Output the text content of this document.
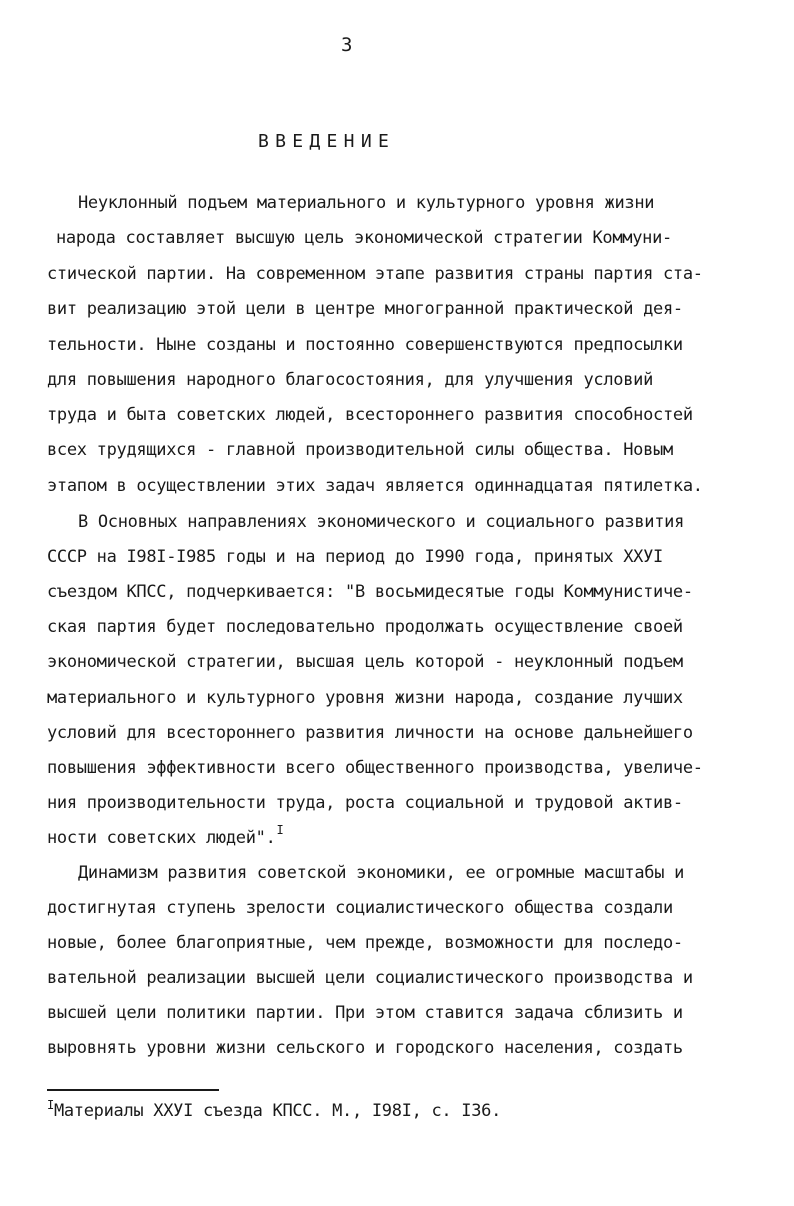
3
ВВЕДЕНИЕ
Неуклонный подъем материального и культурного уровня жизни
народа составляет высшую цель экономической стратегии Коммуни-
стической партии. На современном этапе развития страны партия ста-
вит реализацию этой цели в центре многогранной практической дея-
тельности. Ныне созданы и постоянно совершенствуются предпосылки
для повышения народного благосостояния, для улучшения условий
труда и быта советских людей, всестороннего развития способностей
всех трудящихся - главной производительной силы общества. Новым
этапом в осуществлении этих задач является одиннадцатая пятилетка.
В Основных направлениях экономического и социального развития
СССР на I98I-I985 годы и на период до I990 года, принятых XXУI
съездом КПСС, подчеркивается: "В восьмидесятые годы Коммунистиче-
ская партия будет последовательно продолжать осуществление своей
экономической стратегии, высшая цель которой - неуклонный подъем
материального и культурного уровня жизни народа, создание лучших
условий для всестороннего развития личности на основе дальнейшего
повышения эффективности всего общественного производства, увеличе-
ния производительности труда, роста социальной и трудовой актив-
ности советских людей".$^I$
Динамизм развития советской экономики, ее огромные масштабы и
достигнутая ступень зрелости социалистического общества создали
новые, более благоприятные, чем прежде, возможности для последо-
вательной реализации высшей цели социалистического производства и
высшей цели политики партии. При этом ставится задача сблизить и
выровнять уровни жизни сельского и городского населения, создать
$^I$Материалы XXУI съезда КПСС. М., I98I, с. I36.
